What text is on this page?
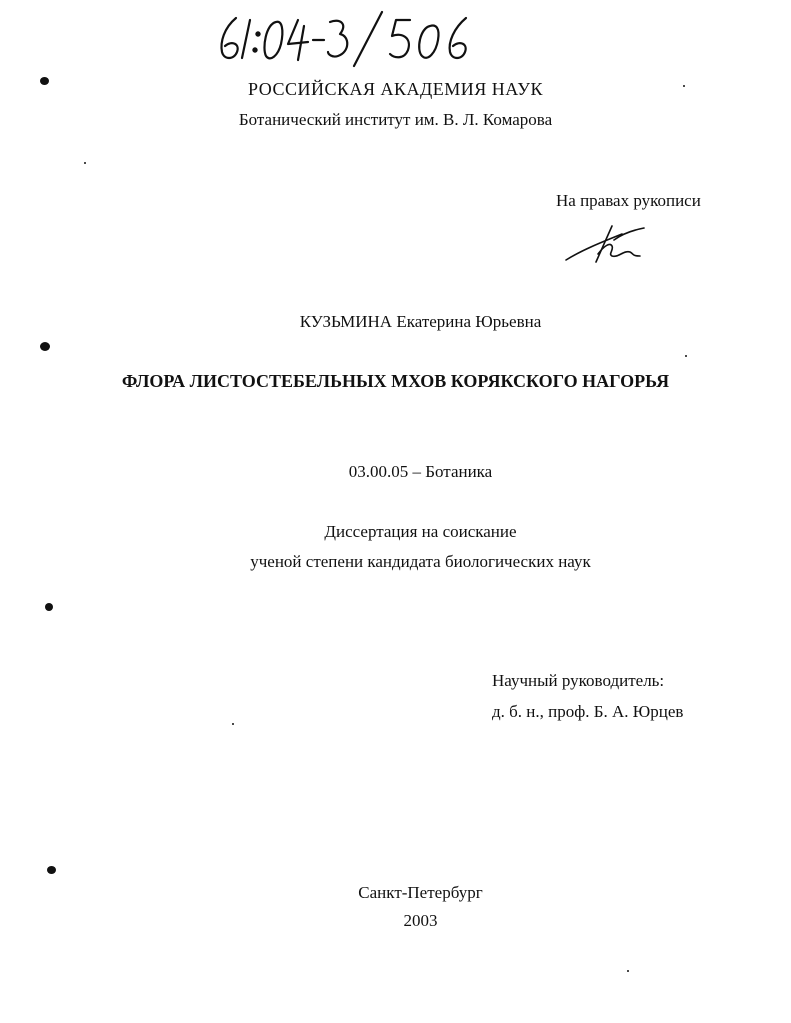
РОССИЙСКАЯ АКАДЕМИЯ НАУК
Ботанический институт им. В. Л. Комарова
На правах рукописи
КУЗЬМИНА Екатерина Юрьевна
ФЛОРА ЛИСТОСТЕБЕЛЬНЫХ МХОВ КОРЯКСКОГО НАГОРЬЯ
03.00.05 – Ботаника
Диссертация на соискание
ученой степени кандидата биологических наук
Научный руководитель:
д. б. н., проф. Б. А. Юрцев
Санкт-Петербург
2003
